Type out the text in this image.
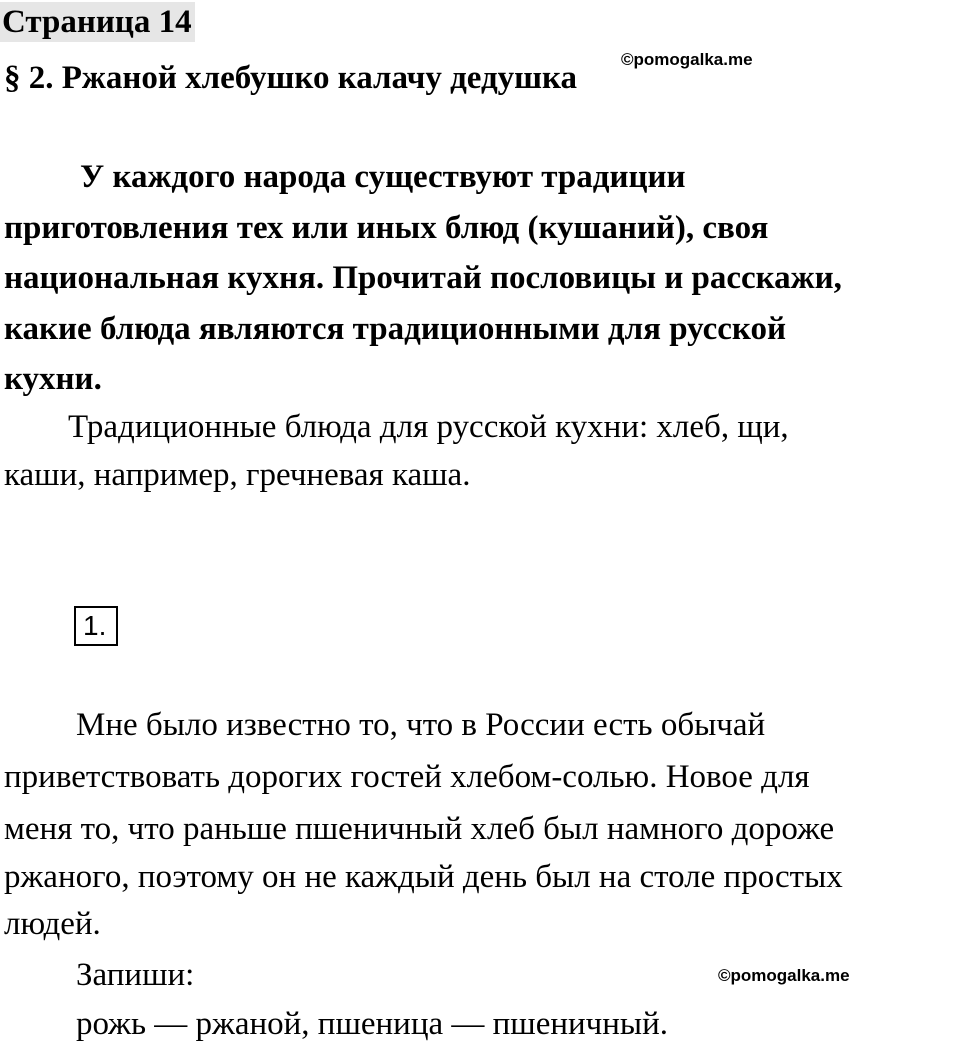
Страница 14
©pomogalka.me
§ 2. Ржаной хлебушко калачу дедушка
У каждого народа существуют традиции
приготовления тех или иных блюд (кушаний), своя
национальная кухня. Прочитай пословицы и расскажи,
какие блюда являются традиционными для русской
кухни.
Традиционные блюда для русской кухни: хлеб, щи,
каши, например, гречневая каша.
1.
Мне было известно то, что в России есть обычай
приветствовать дорогих гостей хлебом-солью. Новое для
меня то, что раньше пшеничный хлеб был намного дороже
ржаного, поэтому он не каждый день был на столе простых
людей.
Запиши:	©pomogalka.me
рожь — ржаной, пшеница — пшеничный.
